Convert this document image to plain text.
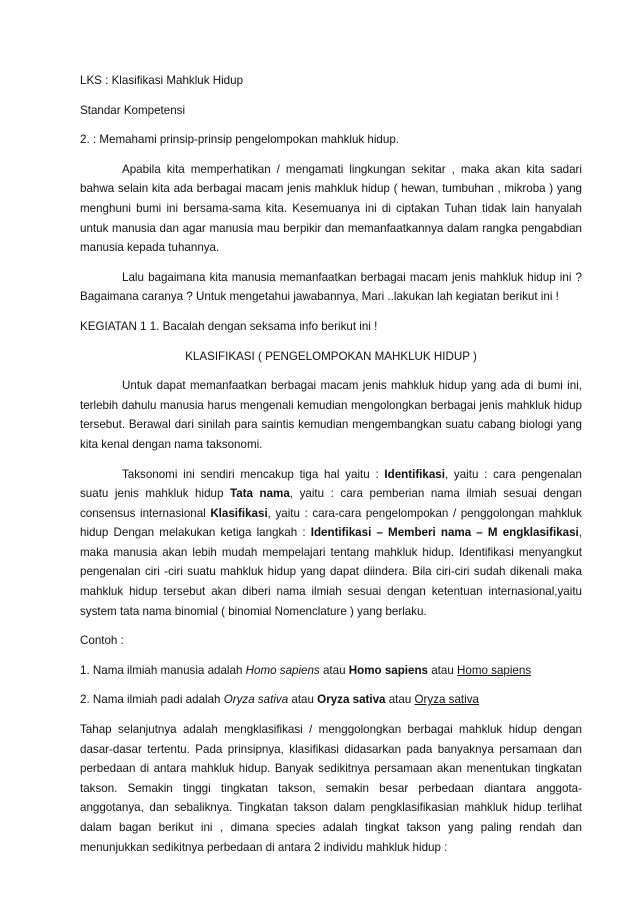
LKS : Klasifikasi Mahkluk Hidup

Standar Kompetensi

2. : Memahami prinsip-prinsip pengelompokan mahkluk hidup.

Apabila kita memperhatikan / mengamati lingkungan sekitar , maka akan kita sadari bahwa selain kita ada berbagai macam jenis mahkluk hidup ( hewan, tumbuhan , mikroba ) yang menghuni bumi ini bersama-sama kita. Kesemuanya ini di ciptakan Tuhan tidak lain hanyalah untuk manusia dan agar manusia mau berpikir dan memanfaatkannya dalam rangka pengabdian manusia kepada tuhannya.

Lalu bagaimana kita manusia memanfaatkan berbagai macam jenis mahkluk hidup ini ? Bagaimana caranya ? Untuk mengetahui jawabannya, Mari ..lakukan lah kegiatan berikut ini !

KEGIATAN 1 1. Bacalah dengan seksama info berikut ini !

KLASIFIKASI ( PENGELOMPOKAN MAHKLUK HIDUP )

Untuk dapat memanfaatkan berbagai macam jenis mahkluk hidup yang ada di bumi ini, terlebih dahulu manusia harus mengenali kemudian mengolongkan berbagai jenis mahkluk hidup tersebut. Berawal dari sinilah para saintis kemudian mengembangkan suatu cabang biologi yang kita kenal dengan nama taksonomi.

Taksonomi ini sendiri mencakup tiga hal yaitu : Identifikasi, yaitu : cara pengenalan suatu jenis mahkluk hidup Tata nama, yaitu : cara pemberian nama ilmiah sesuai dengan consensus internasional Klasifikasi, yaitu : cara-cara pengelompokan / penggolongan mahkluk hidup Dengan melakukan ketiga langkah : Identifikasi – Memberi nama – M engklasifikasi, maka manusia akan lebih mudah mempelajari tentang mahkluk hidup. Identifikasi menyangkut pengenalan ciri -ciri suatu mahkluk hidup yang dapat diindera. Bila ciri-ciri sudah dikenali maka mahkluk hidup tersebut akan diberi nama ilmiah sesuai dengan ketentuan internasional,yaitu system tata nama binomial ( binomial Nomenclature ) yang berlaku.

Contoh :

1. Nama ilmiah manusia adalah Homo sapiens atau Homo sapiens atau Homo sapiens

2. Nama ilmiah padi adalah Oryza sativa atau Oryza sativa atau Oryza sativa

Tahap selanjutnya adalah mengklasifikasi / menggolongkan berbagai mahkluk hidup dengan dasar-dasar tertentu. Pada prinsipnya, klasifikasi didasarkan pada banyaknya persamaan dan perbedaan di antara mahkluk hidup. Banyak sedikitnya persamaan akan menentukan tingkatan takson. Semakin tinggi tingkatan takson, semakin besar perbedaan diantara anggota-anggotanya, dan sebaliknya. Tingkatan takson dalam pengklasifikasian mahkluk hidup terlihat dalam bagan berikut ini , dimana species adalah tingkat takson yang paling rendah dan menunjukkan sedikitnya perbedaan di antara 2 individu mahkluk hidup :
